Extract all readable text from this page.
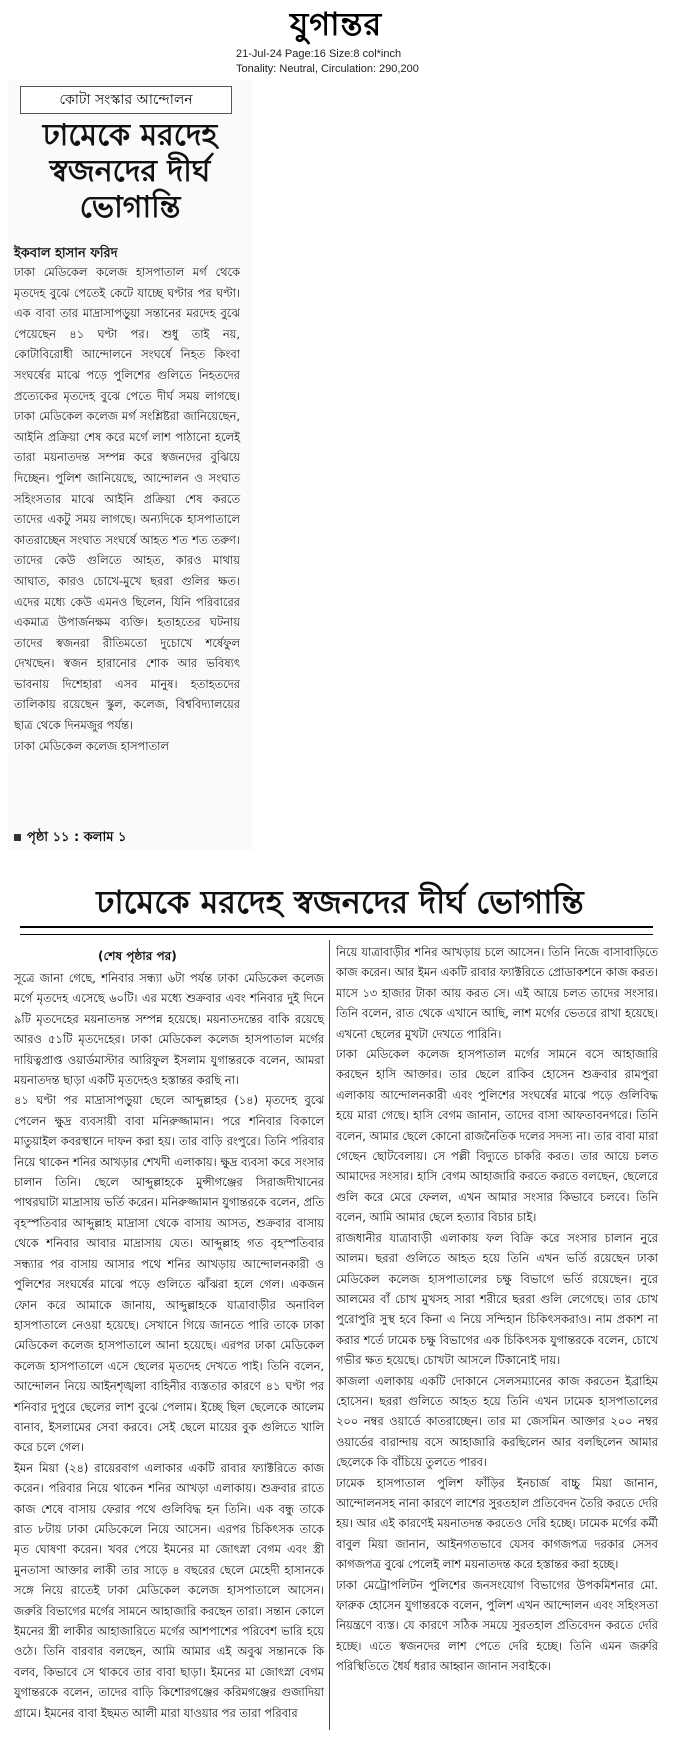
যুগান্তর
21-Jul-24 Page:16 Size:8 col*inch
Tonality: Neutral, Circulation: 290,200
কোটা সংস্কার আন্দোলন
ঢামেকে মরদেহ
স্বজনদের দীর্ঘ
ভোগান্তি
ইকবাল হাসান ফরিদ

ঢাকা মেডিকেল কলেজ হাসপাতাল মর্গ থেকে মৃতদেহ বুঝে পেতেই কেটে যাচ্ছে ঘণ্টার পর ঘণ্টা। এক বাবা তার মাদ্রাসাপড়ুয়া সন্তানের মরদেহ বুঝে পেয়েছেন ৪১ ঘণ্টা পর। শুধু তাই নয়, কোটাবিরোধী আন্দোলনে সংঘর্ষে নিহত কিংবা সংঘর্ষের মাঝে পড়ে পুলিশের গুলিতে নিহতদের প্রত্যেকের মৃতদেহ বুঝে পেতে দীর্ঘ সময় লাগছে। ঢাকা মেডিকেল কলেজ মর্গ সংশ্লিষ্টরা জানিয়েছেন, আইনি প্রক্রিয়া শেষ করে মর্গে লাশ পাঠানো হলেই তারা ময়নাতদন্ত সম্পন্ন করে স্বজনদের বুঝিয়ে দিচ্ছেন। পুলিশ জানিয়েছে, আন্দোলন ও সংঘাত সহিংসতার মাঝে আইনি প্রক্রিয়া শেষ করতে তাদের একটু সময় লাগছে। অন্যদিকে হাসপাতালে কাতরাচ্ছেন সংঘাত সংঘর্ষে আহত শত শত তরুণ। তাদের কেউ গুলিতে আহত, কারও মাথায় আঘাত, কারও চোখে-মুখে ছররা গুলির ক্ষত। এদের মধ্যে কেউ এমনও ছিলেন, যিনি পরিবারের একমাত্র উপার্জনক্ষম ব্যক্তি। হতাহতের ঘটনায় তাদের স্বজনরা রীতিমতো দুচোখে শর্ষেফুল দেখছেন। স্বজন হারানোর শোক আর ভবিষ্যৎ ভাবনায় দিশেহারা এসব মানুষ। হতাহতদের তালিকায় রয়েছেন স্কুল, কলেজ, বিশ্ববিদ্যালয়ের ছাত্র থেকে দিনমজুর পর্যন্ত।

ঢাকা মেডিকেল কলেজ হাসপাতাল

পৃষ্ঠা ১১ : কলাম ১
ঢামেকে মরদেহ স্বজনদের দীর্ঘ ভোগান্তি
(শেষ পৃষ্ঠার পর)

সূত্রে জানা গেছে, শনিবার সন্ধ্যা ৬টা পর্যন্ত ঢাকা মেডিকেল কলেজ মর্গে মৃতদেহ এসেছে ৬০টি। এর মধ্যে শুক্রবার এবং শনিবার দুই দিনে ৯টি মৃতদেহের ময়নাতদন্ত সম্পন্ন হয়েছে। ময়নাতদন্তের বাকি রয়েছে আরও ৫১টি মৃতদেহের। ঢাকা মেডিকেল কলেজ হাসপাতাল মর্গের দায়িত্বপ্রাপ্ত ওয়ার্ডমাস্টার আরিফুল ইসলাম যুগান্তরকে বলেন, আমরা ময়নাতদন্ত ছাড়া একটি মৃতদেহও হস্তান্তর করছি না।

৪১ ঘণ্টা পর মাদ্রাসাপড়ুয়া ছেলে আব্দুল্লাহর (১৪) মৃতদেহ বুঝে পেলেন ক্ষুদ্র ব্যবসায়ী বাবা মনিরুজ্জামান। পরে শনিবার বিকালে মাতুয়াইল কবরস্থানে দাফন করা হয়। তার বাড়ি রংপুরে। তিনি পরিবার নিয়ে থাকেন শনির আখড়ার শেখদী এলাকায়। ক্ষুদ্র ব্যবসা করে সংসার চালান তিনি। ছেলে আব্দুল্লাহকে মুন্সীগঞ্জের সিরাজদীখানের পাথরঘাটা মাদ্রাসায় ভর্তি করেন। মনিরুজ্জামান যুগান্তরকে বলেন, প্রতি বৃহস্পতিবার আব্দুল্লাহ মাদ্রাসা থেকে বাসায় আসত, শুক্রবার বাসায় থেকে শনিবার আবার মাদ্রাসায় যেত। আব্দুল্লাহ গত বৃহস্পতিবার সন্ধ্যার পর বাসায় আসার পথে শনির আখড়ায় আন্দোলনকারী ও পুলিশের সংঘর্ষের মাঝে পড়ে গুলিতে ঝাঁঝরা হলে গেল। একজন ফোন করে আমাকে জানায়, আব্দুল্লাহকে যাত্রাবাড়ীর অনাবিল হাসপাতালে নেওয়া হয়েছে। সেখানে গিয়ে জানতে পারি তাকে ঢাকা মেডিকেল কলেজ হাসপাতালে আনা হয়েছে। এরপর ঢাকা মেডিকেল কলেজ হাসপাতালে এসে ছেলের মৃতদেহ দেখতে পাই। তিনি বলেন, আন্দোলন নিয়ে আইনশৃঙ্খলা বাহিনীর ব্যস্ততার কারণে ৪১ ঘণ্টা পর শনিবার দুপুরে ছেলের লাশ বুঝে পেলাম। ইচ্ছে ছিল ছেলেকে আলেম বানাব, ইসলামের সেবা করবে। সেই ছেলে মায়ের বুক গুলিতে খালি করে চলে গেল।

ইমন মিয়া (২৪) রায়েরবাগ এলাকার একটি রাবার ফ্যাক্টরিতে কাজ করেন। পরিবার নিয়ে থাকেন শনির আখড়া এলাকায়। শুক্রবার রাতে কাজ শেষে বাসায় ফেরার পথে গুলিবিদ্ধ হন তিনি। এক বন্ধু তাকে রাত ৮টায় ঢাকা মেডিকেলে নিয়ে আসেন। এরপর চিকিৎসক তাকে মৃত ঘোষণা করেন। খবর পেয়ে ইমনের মা জোৎস্না বেগম এবং স্ত্রী মুনতাসা আক্তার লাকী তার সাড়ে ৪ বছরের ছেলে মেহেদী হাসানকে সঙ্গে নিয়ে রাতেই ঢাকা মেডিকেল কলেজ হাসপাতালে আসেন। জরুরি বিভাগের মর্গের সামনে আহাজারি করছেন তারা। সন্তান কোলে ইমনের স্ত্রী লাকীর আহাজারিতে মর্গের আশপাশের পরিবেশ ভারি হয়ে ওঠে। তিনি বারবার বলছেন, আমি আমার এই অবুঝ সন্তানকে কি বলব, কিভাবে সে থাকবে তার বাবা ছাড়া। ইমনের মা জোৎস্না বেগম যুগান্তরকে বলেন, তাদের বাড়ি কিশোরগঞ্জের করিমগঞ্জের গুজাদিয়া গ্রামে। ইমনের বাবা ইছমত আলী মারা যাওয়ার পর তারা পরিবার

নিয়ে যাত্রাবাড়ীর শনির আখড়ায় চলে আসেন। তিনি নিজে বাসাবাড়িতে কাজ করেন। আর ইমন একটি রাবার ফ্যাক্টরিতে প্রোডাকশনে কাজ করত। মাসে ১৩ হাজার টাকা আয় করত সে। এই আয়ে চলত তাদের সংসার। তিনি বলেন, রাত থেকে এখানে আছি, লাশ মর্গের ভেতরে রাখা হয়েছে। এখনো ছেলের মুখটা দেখতে পারিনি।

ঢাকা মেডিকেল কলেজ হাসপাতাল মর্গের সামনে বসে আহাজারি করছেন হাসি আক্তার। তার ছেলে রাকিব হোসেন শুক্রবার রামপুরা এলাকায় আন্দোলনকারী এবং পুলিশের সংঘর্ষের মাঝে পড়ে গুলিবিদ্ধ হয়ে মারা গেছে। হাসি বেগম জানান, তাদের বাসা আফতাবনগরে। তিনি বলেন, আমার ছেলে কোনো রাজনৈতিক দলের সদস্য না। তার বাবা মারা গেছেন ছোটবেলায়। সে পল্লী বিদ্যুতে চাকরি করত। তার আয়ে চলত আমাদের সংসার। হাসি বেগম আহাজারি করতে করতে বলছেন, ছেলেরে গুলি করে মেরে ফেলল, এখন আমার সংসার কিভাবে চলবে। তিনি বলেন, আমি আমার ছেলে হত্যার বিচার চাই।

রাজধানীর যাত্রাবাড়ী এলাকায় ফল বিক্রি করে সংসার চালান নুরে আলম। ছররা গুলিতে আহত হয়ে তিনি এখন ভর্তি রয়েছেন ঢাকা মেডিকেল কলেজ হাসপাতালের চক্ষু বিভাগে ভর্তি রয়েছেন। নুরে আলমের বাঁ চোখ মুখসহ সারা শরীরে ছররা গুলি লেগেছে। তার চোখ পুরোপুরি সুস্থ হবে কিনা এ নিয়ে সন্দিহান চিকিৎসকরাও। নাম প্রকাশ না করার শর্তে ঢামেক চক্ষু বিভাগের এক চিকিৎসক যুগান্তরকে বলেন, চোখে গভীর ক্ষত হয়েছে। চোখটা আসলে টিকানোই দায়।

কাজলা এলাকায় একটি দোকানে সেলসম্যানের কাজ করতেন ইব্রাহিম হোসেন। ছররা গুলিতে আহত হয়ে তিনি এখন ঢামেক হাসপাতালের ২০০ নম্বর ওয়ার্ডে কাতরাচ্ছেন। তার মা জেসমিন আক্তার ২০০ নম্বর ওয়ার্ডের বারান্দায় বসে আহাজারি করছিলেন আর বলছিলেন আমার ছেলেকে কি বাঁচিয়ে তুলতে পারব।

ঢামেক হাসপাতাল পুলিশ ফাঁড়ির ইনচার্জ বাচ্চু মিয়া জানান, আন্দোলনসহ নানা কারণে লাশের সুরতহাল প্রতিবেদন তৈরি করতে দেরি হয়। আর এই কারণেই ময়নাতদন্ত করতেও দেরি হচ্ছে। ঢামেক মর্গের কর্মী বাবুল মিয়া জানান, আইনগতভাবে যেসব কাগজপত্র দরকার সেসব কাগজপত্র বুঝে পেলেই লাশ ময়নাতদন্ত করে হস্তান্তর করা হচ্ছে।

ঢাকা মেট্রোপলিটন পুলিশের জনসংযোগ বিভাগের উপকমিশনার মো. ফারুক হোসেন যুগান্তরকে বলেন, পুলিশ এখন আন্দোলন এবং সহিংসতা নিয়ন্ত্রণে ব্যস্ত। যে কারণে সঠিক সময়ে সুরতহাল প্রতিবেদন করতে দেরি হচ্ছে। এতে স্বজনদের লাশ পেতে দেরি হচ্ছে। তিনি এমন জরুরি পরিস্থিতিতে ধৈর্য ধরার আহ্বান জানান সবাইকে।
